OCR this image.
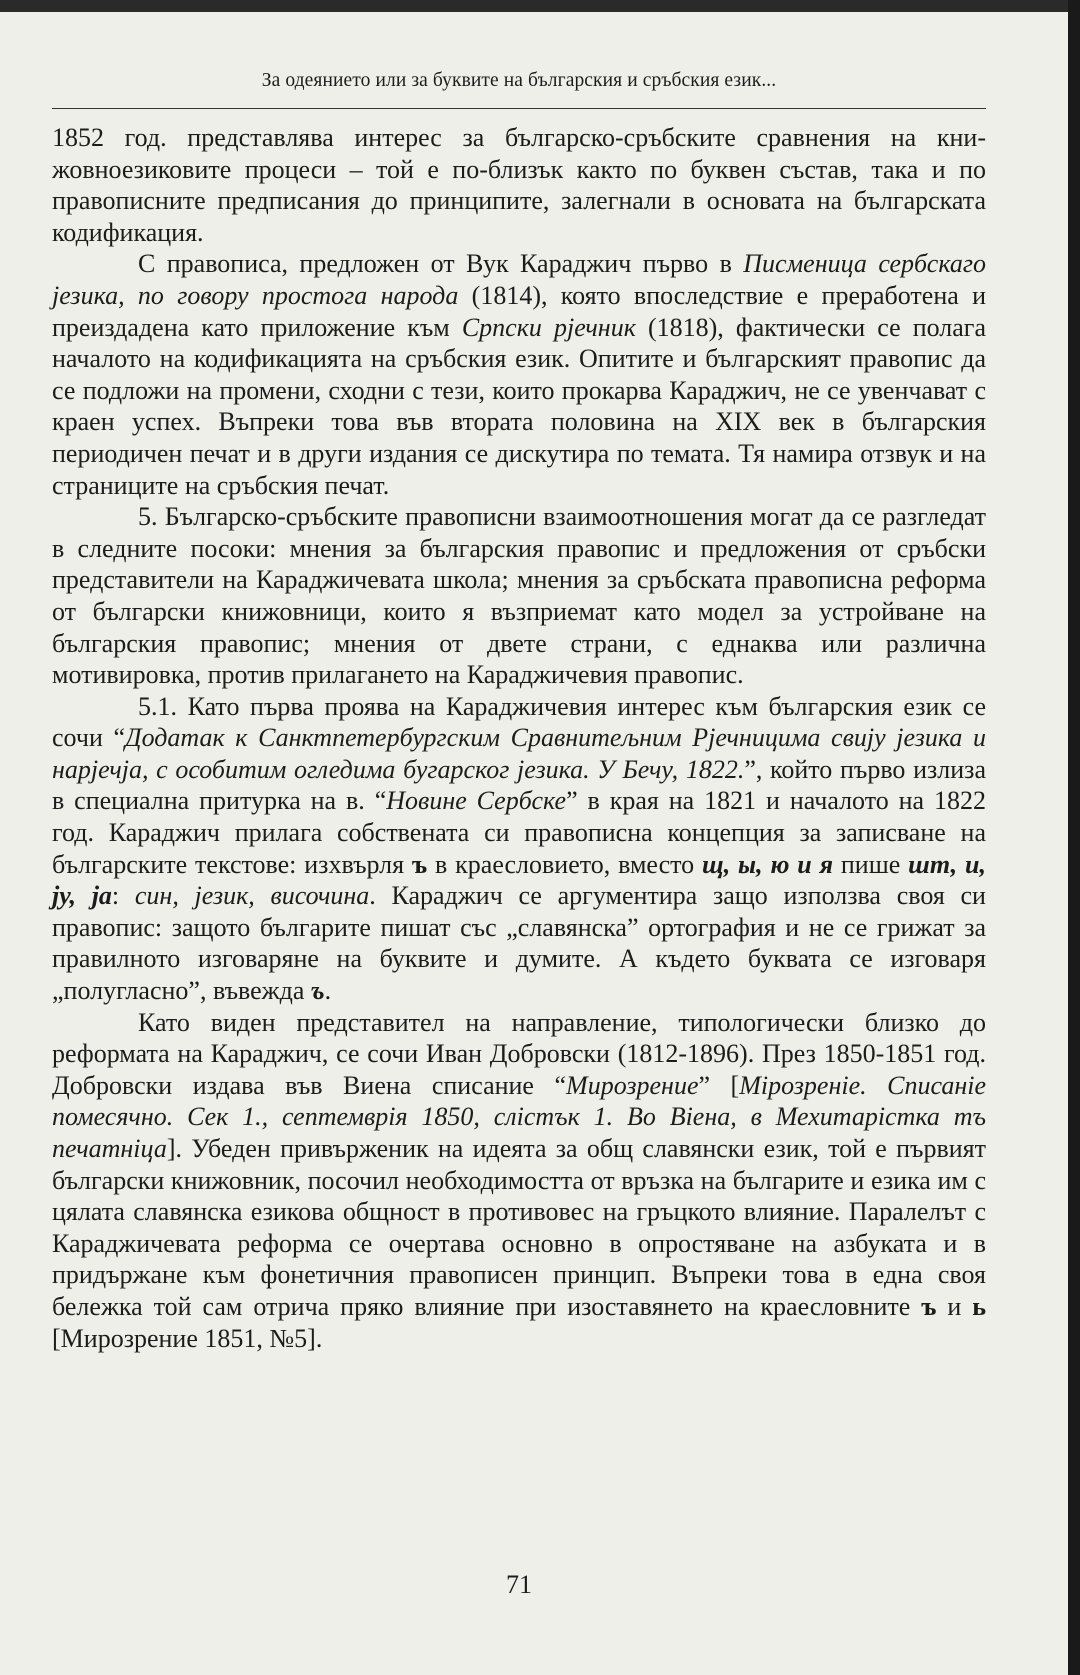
За одеянието или за буквите на българския и сръбския език...

1852 год. представлява интерес за българско-сръбските сравнения на книжовноезиковите процеси – той е по-близък както по буквен състав, така и по правописните предписания до принципите, залегнали в основата на българската кодификация.

С правописа, предложен от Вук Караджич първо в Писменица сербскаго језика, по говору простога народа (1814), която впоследствие е преработена и преиздадена като приложение към Српски рјечник (1818), фактически се полага началото на кодификацията на сръбския език. Опитите и българският правопис да се подложи на промени, сходни с тези, които прокарва Караджич, не се увенчават с краен успех. Въпреки това във втората половина на XIX век в българския периодичен печат и в други издания се дискутира по темата. Тя намира отзвук и на страниците на сръбския печат.

5. Българско-сръбските правописни взаимоотношения могат да се разгледат в следните посоки: мнения за българския правопис и предложения от сръбски представители на Караджичевата школа; мнения за сръбската правописна реформа от български книжовници, които я възприемат като модел за устройване на българския правопис; мнения от двете страни, с еднаква или различна мотивировка, против прилагането на Караджичевия правопис.

5.1. Като първа проява на Караджичевия интерес към българския език се сочи “Додатак к Санктпетербургским Сравнитељним Рјечницима свију језика и нарјечја, с особитим огледима бугарског језика. У Бечу, 1822.”, който първо излиза в специална притурка на в. “Новине Сербске” в края на 1821 и началото на 1822 год. Караджич прилага собствената си правописна концепция за записване на българските текстове: изхвърля ъ в краесловието, вместо щ, ы, ю и я пише шт, и, ју, ја: син, језик, височина. Караджич се аргументира защо използва своя си правопис: защото българите пишат със „славянска” ортография и не се грижат за правилното изговаряне на буквите и думите. А където буквата се изговаря „полугласно”, въвежда ъ.

Като виден представител на направление, типологически близко до реформата на Караджич, се сочи Иван Добровски (1812-1896). През 1850-1851 год. Добровски издава във Виена списание “Мирозрение” [Мiрозренiе. Списанiе помесячно. Сек 1., септемврiя 1850, слiстък 1. Во Вiена, в Мехитарiстка тъ печатнiца]. Убеден привърженик на идеята за общ славянски език, той е първият български книжовник, посочил необходимостта от връзка на българите и езика им с цялата славянска езикова общност в противовес на гръцкото влияние. Паралелът с Караджичевата реформа се очертава основно в опростяване на азбуката и в придържане към фонетичния правописен принцип. Въпреки това в една своя бележка той сам отрича пряко влияние при изоставянето на краесловните ъ и ь [Мирозрение 1851, №5].

71
